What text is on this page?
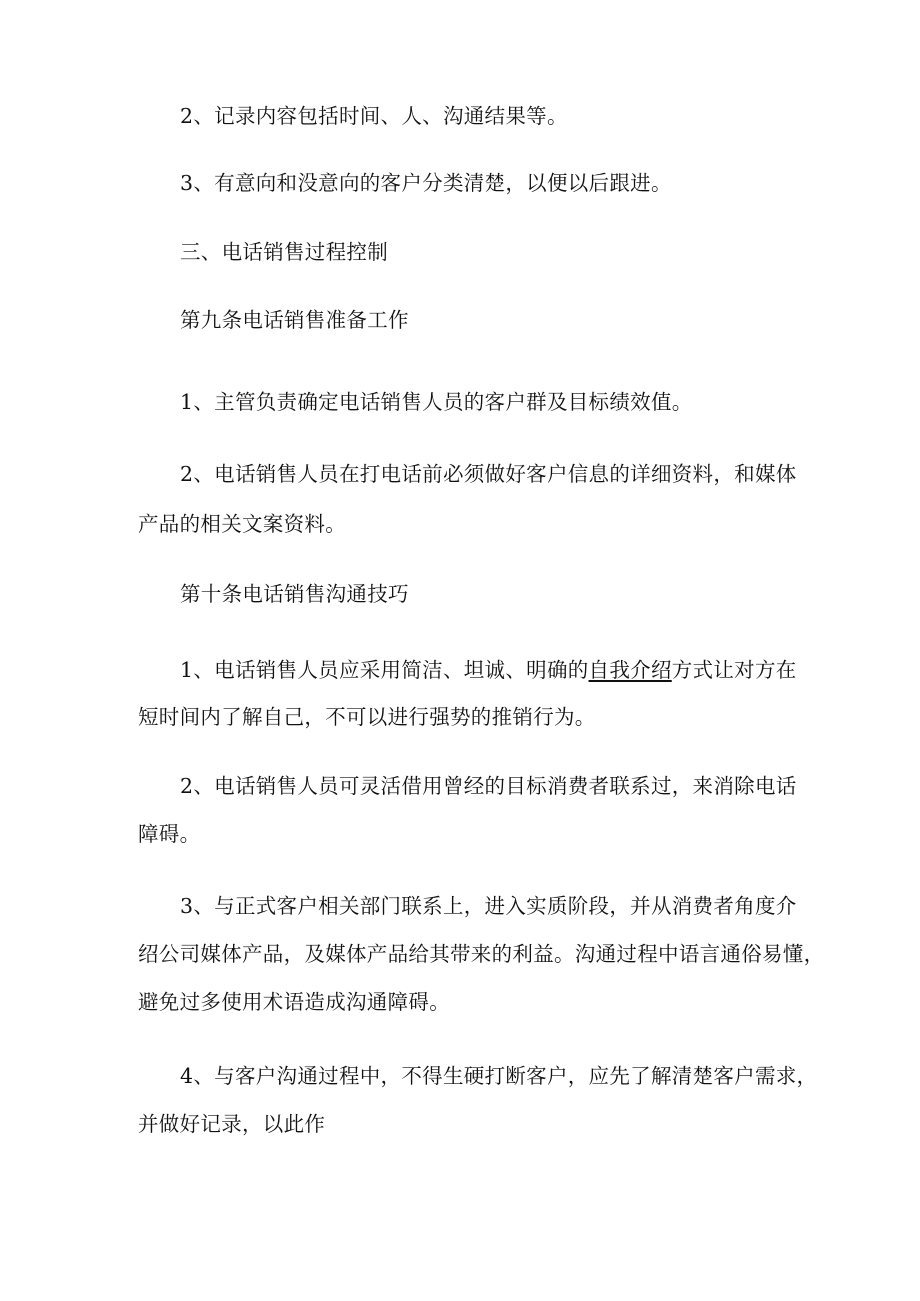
2、记录内容包括时间、人、沟通结果等。

3、有意向和没意向的客户分类清楚，以便以后跟进。

三、电话销售过程控制

第九条电话销售准备工作

1、主管负责确定电话销售人员的客户群及目标绩效值。

2、电话销售人员在打电话前必须做好客户信息的详细资料，和媒体

产品的相关文案资料。

第十条电话销售沟通技巧

1、电话销售人员应采用简洁、坦诚、明确的自我介绍方式让对方在

短时间内了解自己，不可以进行强势的推销行为。

2、电话销售人员可灵活借用曾经的目标消费者联系过，来消除电话

障碍。

3、与正式客户相关部门联系上，进入实质阶段，并从消费者角度介

绍公司媒体产品，及媒体产品给其带来的利益。沟通过程中语言通俗易懂，

避免过多使用术语造成沟通障碍。

4、与客户沟通过程中，不得生硬打断客户，应先了解清楚客户需求，

并做好记录，以此作
